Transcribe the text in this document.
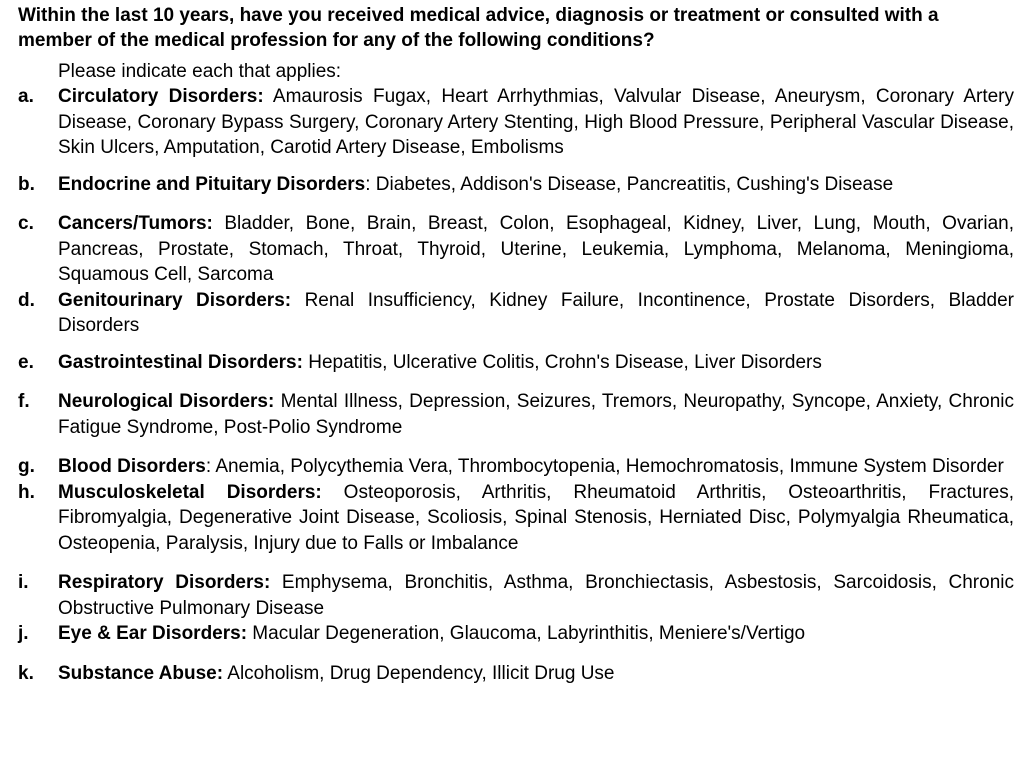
Within the last 10 years, have you received medical advice, diagnosis or treatment or consulted with a member of the medical profession for any of the following conditions?

Please indicate each that applies:

a.	Circulatory Disorders: Amaurosis Fugax, Heart Arrhythmias, Valvular Disease, Aneurysm, Coronary Artery Disease, Coronary Bypass Surgery, Coronary Artery Stenting, High Blood Pressure, Peripheral Vascular Disease, Skin Ulcers, Amputation, Carotid Artery Disease, Embolisms
b.	Endocrine and Pituitary Disorders: Diabetes, Addison's Disease, Pancreatitis, Cushing's Disease
c.	Cancers/Tumors: Bladder, Bone, Brain, Breast, Colon, Esophageal, Kidney, Liver, Lung, Mouth, Ovarian, Pancreas, Prostate, Stomach, Throat, Thyroid, Uterine, Leukemia, Lymphoma, Melanoma, Meningioma, Squamous Cell, Sarcoma
d.	Genitourinary Disorders: Renal Insufficiency, Kidney Failure, Incontinence, Prostate Disorders, Bladder Disorders
e.	Gastrointestinal Disorders: Hepatitis, Ulcerative Colitis, Crohn's Disease, Liver Disorders
f.	Neurological Disorders: Mental Illness, Depression, Seizures, Tremors, Neuropathy, Syncope, Anxiety, Chronic Fatigue Syndrome, Post-Polio Syndrome
g.	Blood Disorders: Anemia, Polycythemia Vera, Thrombocytopenia, Hemochromatosis, Immune System Disorder
h.	Musculoskeletal Disorders: Osteoporosis, Arthritis, Rheumatoid Arthritis, Osteoarthritis, Fractures, Fibromyalgia, Degenerative Joint Disease, Scoliosis, Spinal Stenosis, Herniated Disc, Polymyalgia Rheumatica, Osteopenia, Paralysis, Injury due to Falls or Imbalance
i.	Respiratory Disorders: Emphysema, Bronchitis, Asthma, Bronchiectasis, Asbestosis, Sarcoidosis, Chronic Obstructive Pulmonary Disease
j.	Eye & Ear Disorders: Macular Degeneration, Glaucoma, Labyrinthitis, Meniere's/Vertigo
k.	Substance Abuse: Alcoholism, Drug Dependency, Illicit Drug Use
